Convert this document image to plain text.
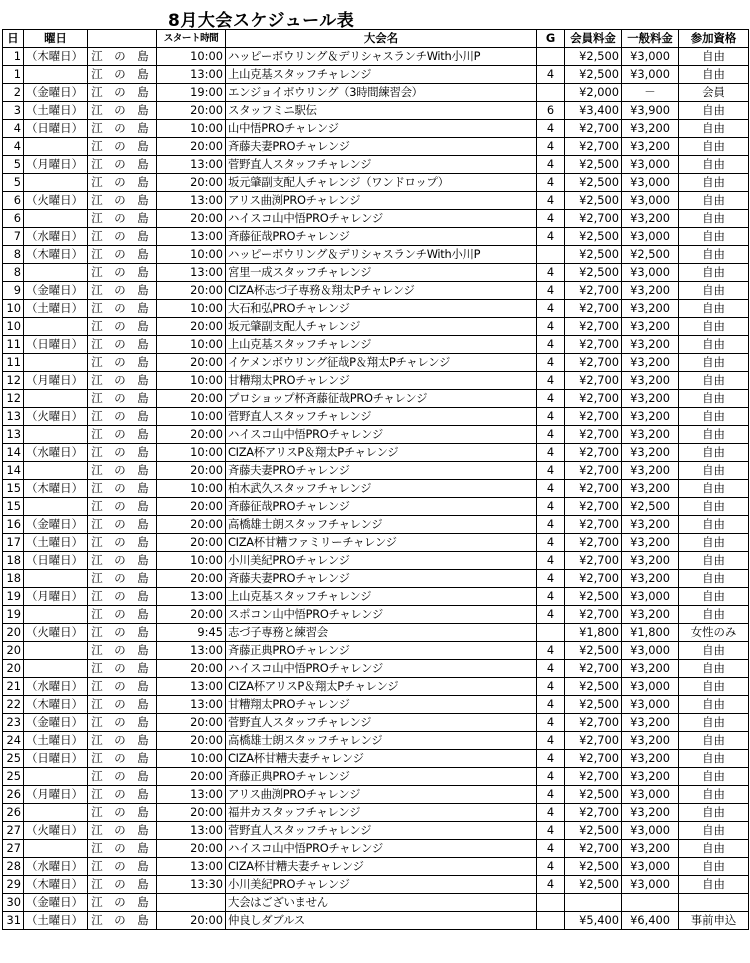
8月大会スケジュール表
日	曜日		スタート時間	大会名	G	会員料金	一般料金	参加資格
1	（木曜日）	江 の 島	10:00	ハッピーボウリング＆デリシャスランチWith小川P		¥2,500	¥3,000	自由
1		江 の 島	13:00	上山克基スタッフチャレンジ	4	¥2,500	¥3,000	自由
2	（金曜日）	江 の 島	19:00	エンジョイボウリング（3時間練習会）		¥2,000	－	会員
3	（土曜日）	江 の 島	20:00	スタッフミニ駅伝	6	¥3,400	¥3,900	自由
4	（日曜日）	江 の 島	10:00	山中悟PROチャレンジ	4	¥2,700	¥3,200	自由
4		江 の 島	20:00	斉藤夫妻PROチャレンジ	4	¥2,700	¥3,200	自由
5	（月曜日）	江 の 島	13:00	菅野直人スタッフチャレンジ	4	¥2,500	¥3,000	自由
5		江 の 島	20:00	坂元肇副支配人チャレンジ（ワンドロップ）	4	¥2,500	¥3,000	自由
6	（火曜日）	江 の 島	13:00	アリス曲渕PROチャレンジ	4	¥2,500	¥3,000	自由
6		江 の 島	20:00	ハイスコ山中悟PROチャレンジ	4	¥2,700	¥3,200	自由
7	（水曜日）	江 の 島	13:00	斉藤征哉PROチャレンジ	4	¥2,500	¥3,000	自由
8	（木曜日）	江 の 島	10:00	ハッピーボウリング＆デリシャスランチWith小川P		¥2,500	¥2,500	自由
8		江 の 島	13:00	宮里一成スタッフチャレンジ	4	¥2,500	¥3,000	自由
9	（金曜日）	江 の 島	20:00	CIZA杯志づ子専務＆翔太Pチャレンジ	4	¥2,700	¥3,200	自由
10	（土曜日）	江 の 島	10:00	大石和弘PROチャレンジ	4	¥2,700	¥3,200	自由
10		江 の 島	20:00	坂元肇副支配人チャレンジ	4	¥2,700	¥3,200	自由
11	（日曜日）	江 の 島	10:00	上山克基スタッフチャレンジ	4	¥2,700	¥3,200	自由
11		江 の 島	20:00	イケメンボウリング征哉P＆翔太Pチャレンジ	4	¥2,700	¥3,200	自由
12	（月曜日）	江 の 島	10:00	甘糟翔太PROチャレンジ	4	¥2,700	¥3,200	自由
12		江 の 島	20:00	プロショップ杯斉藤征哉PROチャレンジ	4	¥2,700	¥3,200	自由
13	（火曜日）	江 の 島	10:00	菅野直人スタッフチャレンジ	4	¥2,700	¥3,200	自由
13		江 の 島	20:00	ハイスコ山中悟PROチャレンジ	4	¥2,700	¥3,200	自由
14	（水曜日）	江 の 島	10:00	CIZA杯アリスP＆翔太Pチャレンジ	4	¥2,700	¥3,200	自由
14		江 の 島	20:00	斉藤夫妻PROチャレンジ	4	¥2,700	¥3,200	自由
15	（木曜日）	江 の 島	10:00	柏木武久スタッフチャレンジ	4	¥2,700	¥3,200	自由
15		江 の 島	20:00	斉藤征哉PROチャレンジ	4	¥2,700	¥2,500	自由
16	（金曜日）	江 の 島	20:00	高橋雄士朗スタッフチャレンジ	4	¥2,700	¥3,200	自由
17	（土曜日）	江 の 島	20:00	CIZA杯甘糟ファミリーチャレンジ	4	¥2,700	¥3,200	自由
18	（日曜日）	江 の 島	10:00	小川美紀PROチャレンジ	4	¥2,700	¥3,200	自由
18		江 の 島	20:00	斉藤夫妻PROチャレンジ	4	¥2,700	¥3,200	自由
19	（月曜日）	江 の 島	13:00	上山克基スタッフチャレンジ	4	¥2,500	¥3,000	自由
19		江 の 島	20:00	スポコン山中悟PROチャレンジ	4	¥2,700	¥3,200	自由
20	（火曜日）	江 の 島	9:45	志づ子専務と練習会		¥1,800	¥1,800	女性のみ
20		江 の 島	13:00	斉藤正典PROチャレンジ	4	¥2,500	¥3,000	自由
20		江 の 島	20:00	ハイスコ山中悟PROチャレンジ	4	¥2,700	¥3,200	自由
21	（水曜日）	江 の 島	13:00	CIZA杯アリスP＆翔太Pチャレンジ	4	¥2,500	¥3,000	自由
22	（木曜日）	江 の 島	13:00	甘糟翔太PROチャレンジ	4	¥2,500	¥3,000	自由
23	（金曜日）	江 の 島	20:00	菅野直人スタッフチャレンジ	4	¥2,700	¥3,200	自由
24	（土曜日）	江 の 島	20:00	高橋雄士朗スタッフチャレンジ	4	¥2,700	¥3,200	自由
25	（日曜日）	江 の 島	10:00	CIZA杯甘糟夫妻チャレンジ	4	¥2,700	¥3,200	自由
25		江 の 島	20:00	斉藤正典PROチャレンジ	4	¥2,700	¥3,200	自由
26	（月曜日）	江 の 島	13:00	アリス曲渕PROチャレンジ	4	¥2,500	¥3,000	自由
26		江 の 島	20:00	福井カスタッフチャレンジ	4	¥2,700	¥3,200	自由
27	（火曜日）	江 の 島	13:00	菅野直人スタッフチャレンジ	4	¥2,500	¥3,000	自由
27		江 の 島	20:00	ハイスコ山中悟PROチャレンジ	4	¥2,700	¥3,200	自由
28	（水曜日）	江 の 島	13:00	CIZA杯甘糟夫妻チャレンジ	4	¥2,500	¥3,000	自由
29	（木曜日）	江 の 島	13:30	小川美紀PROチャレンジ	4	¥2,500	¥3,000	自由
30	（金曜日）	江 の 島		大会はございません				
31	（土曜日）	江 の 島	20:00	仲良しダブルス		¥5,400	¥6,400	事前申込
